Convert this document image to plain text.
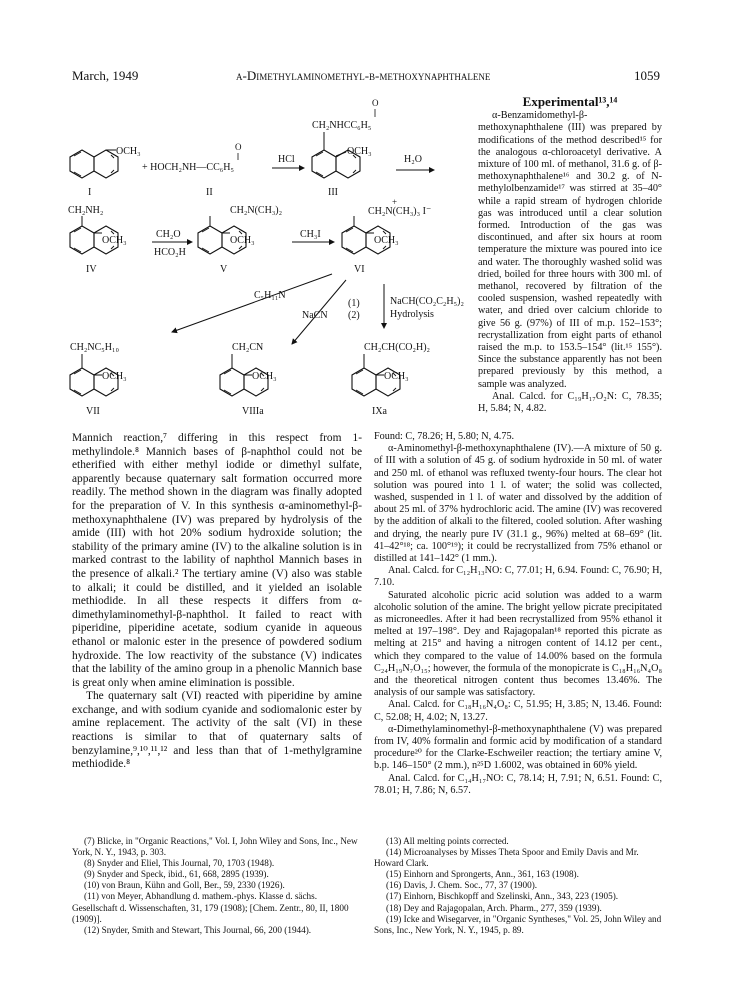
March, 1949	α-Dimethylaminomethyl-β-methoxynaphthalene	1059
OCH₃
I
O
+ HOCH₂NH—CC₆H₅
II
HCl
CH₂NHCC₆H₅
O
OCH₃
III
H₂O
CH₂NH₂
OCH₃
IV
CH₂O
HCO₂H
CH₂N(CH₃)₂
OCH₃
V
CH₃I
+
CH₂N(CH₃)₃ I⁻
OCH₃
VI
C₅H₁₁N
NaCN
(1)
(2)
NaCH(CO₂C₂H₅)₂
Hydrolysis
CH₂NC₅H₁₀
OCH₃
VII
CH₂CN
OCH₃
VIIIa
CH₂CH(CO₂H)₂
OCH₃
IXa
Experimental¹³,¹⁴

α-Benzamidomethyl-β-methoxynaphthalene (III) was prepared by modifications of the method described¹⁵ for the analogous α-chloroacetyl derivative. A mixture of 100 ml. of methanol, 31.6 g. of β-methoxynaphthalene¹⁶ and 30.2 g. of N-methylolbenzamide¹⁷ was stirred at 35–40° while a rapid stream of hydrogen chloride gas was introduced until a clear solution formed. Introduction of the gas was discontinued, and after six hours at room temperature the mixture was poured into ice and water. The thoroughly washed solid was dried, boiled for three hours with 300 ml. of methanol, recovered by filtration of the cooled suspension, washed repeatedly with water, and dried over calcium chloride to give 56 g. (97%) of III of m.p. 152–153°; recrystallization from eight parts of ethanol raised the m.p. to 153.5–154° (lit.¹⁵ 155°). Since the substance apparently has not been prepared previously by this method, a sample was analyzed.

Anal. Calcd. for C₁₉H₁₇O₂N: C, 78.35; H, 5.84; N, 4.82.

Mannich reaction,⁷ differing in this respect from 1-methylindole.⁸ Mannich bases of β-naphthol could not be etherified with either methyl iodide or dimethyl sulfate, apparently because quaternary salt formation occurred more readily. The method shown in the diagram was finally adopted for the preparation of V. In this synthesis α-aminomethyl-β-methoxynaphthalene (IV) was prepared by hydrolysis of the amide (III) with hot 20% sodium hydroxide solution; the stability of the primary amine (IV) to the alkaline solution is in marked contrast to the lability of naphthol Mannich bases in the presence of alkali.² The tertiary amine (V) also was stable to alkali; it could be distilled, and it yielded an isolable methiodide. In all these respects it differs from α-dimethylaminomethyl-β-naphthol. It failed to react with piperidine, piperidine acetate, sodium cyanide in aqueous ethanol or malonic ester in the presence of powdered sodium hydroxide. The low reactivity of the substance (V) indicates that the lability of the amino group in a phenolic Mannich base is great only when amine elimination is possible.

The quaternary salt (VI) reacted with piperidine by amine exchange, and with sodium cyanide and sodiomalonic ester by amine replacement. The activity of the salt (VI) in these reactions is similar to that of quaternary salts of benzylamine,⁹,¹⁰,¹¹,¹² and less than that of 1-methylgramine methiodide.⁸

Found: C, 78.26; H, 5.80; N, 4.75.

α-Aminomethyl-β-methoxynaphthalene (IV).—A mixture of 50 g. of III with a solution of 45 g. of sodium hydroxide in 50 ml. of water and 250 ml. of ethanol was refluxed twenty-four hours. The clear hot solution was poured into 1 l. of water; the solid was collected, washed, suspended in 1 l. of water and dissolved by the addition of about 25 ml. of 37% hydrochloric acid. The amine (IV) was recovered by the addition of alkali to the filtered, cooled solution. After washing and drying, the nearly pure IV (31.1 g., 96%) melted at 68–69° (lit. 41–42°¹⁸; ca. 100°¹⁹); it could be recrystallized from 75% ethanol or distilled at 141–142° (1 mm.).

Anal. Calcd. for C₁₂H₁₃NO: C, 77.01; H, 6.94. Found: C, 76.90; H, 7.10.

Saturated alcoholic picric acid solution was added to a warm alcoholic solution of the amine. The bright yellow picrate precipitated as microneedles. After it had been recrystallized from 95% ethanol it melted at 197–198°. Dey and Rajagopalan¹⁸ reported this picrate as melting at 215° and having a nitrogen content of 14.12 per cent., which they compared to the value of 14.00% based on the formula C₂₄H₁₉N₇O₁₅; however, the formula of the monopicrate is C₁₈H₁₆N₄O₈ and the theoretical nitrogen content thus becomes 13.46%. The analysis of our sample was satisfactory.

Anal. Calcd. for C₁₈H₁₆N₄O₈: C, 51.95; H, 3.85; N, 13.46. Found: C, 52.08; H, 4.02; N, 13.27.

α-Dimethylaminomethyl-β-methoxynaphthalene (V) was prepared from IV, 40% formalin and formic acid by modification of a standard procedure²⁰ for the Clarke-Eschweiler reaction; the tertiary amine V, b.p. 146–150° (2 mm.), n²⁵D 1.6002, was obtained in 60% yield.

Anal. Calcd. for C₁₄H₁₇NO: C, 78.14; H, 7.91; N, 6.51. Found: C, 78.01; H, 7.86; N, 6.57.

(7) Blicke, in "Organic Reactions," Vol. I, John Wiley and Sons, Inc., New York, N. Y., 1943, p. 303.
(8) Snyder and Eliel, This Journal, 70, 1703 (1948).
(9) Snyder and Speck, ibid., 61, 668, 2895 (1939).
(10) von Braun, Kühn and Goll, Ber., 59, 2330 (1926).
(11) von Meyer, Abhandlung d. mathem.-phys. Klasse d. sächs. Gesellschaft d. Wissenschaften, 31, 179 (1908); [Chem. Zentr., 80, II, 1800 (1909)].
(12) Snyder, Smith and Stewart, This Journal, 66, 200 (1944).
(13) All melting points corrected.
(14) Microanalyses by Misses Theta Spoor and Emily Davis and Mr. Howard Clark.
(15) Einhorn and Sprongerts, Ann., 361, 163 (1908).
(16) Davis, J. Chem. Soc., 77, 37 (1900).
(17) Einhorn, Bischkopff and Szelinski, Ann., 343, 223 (1905).
(18) Dey and Rajagopalan, Arch. Pharm., 277, 359 (1939).
(19) Icke and Wisegarver, in "Organic Syntheses," Vol. 25, John Wiley and Sons, Inc., New York, N. Y., 1945, p. 89.
